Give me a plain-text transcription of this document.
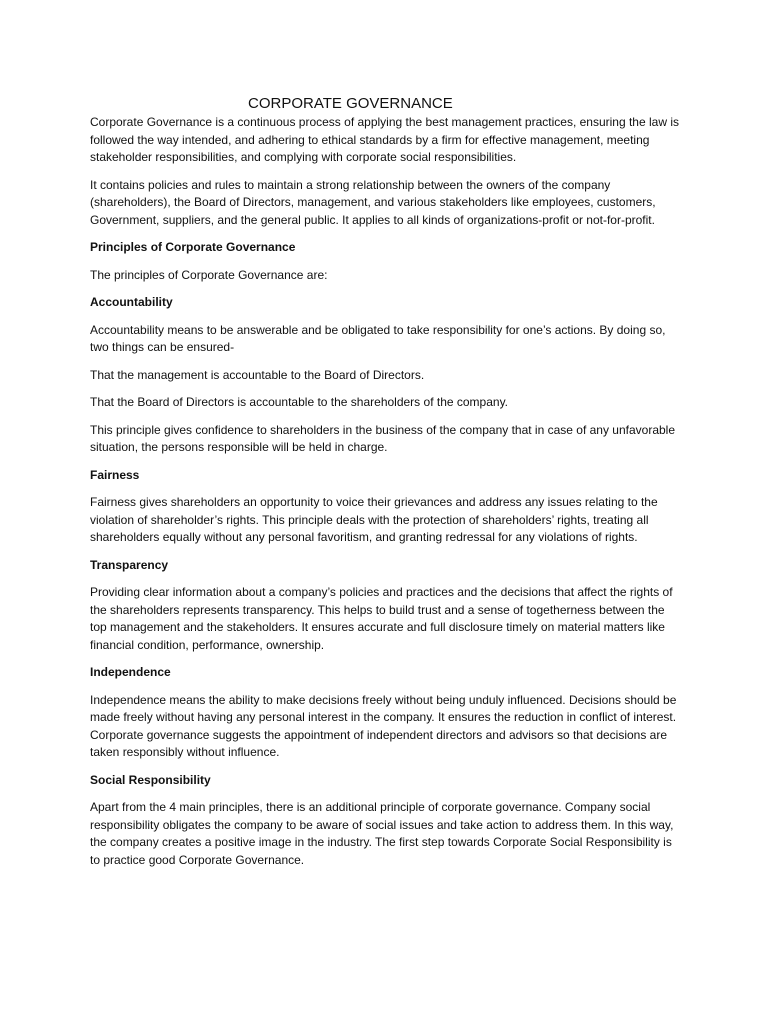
CORPORATE GOVERNANCE

Corporate Governance is a continuous process of applying the best management practices, ensuring the law is followed the way intended, and adhering to ethical standards by a firm for effective management, meeting stakeholder responsibilities, and complying with corporate social responsibilities.

It contains policies and rules to maintain a strong relationship between the owners of the company (shareholders), the Board of Directors, management, and various stakeholders like employees, customers, Government, suppliers, and the general public. It applies to all kinds of organizations-profit or not-for-profit.

Principles of Corporate Governance

The principles of Corporate Governance are:

Accountability

Accountability means to be answerable and be obligated to take responsibility for one’s actions. By doing so, two things can be ensured-

That the management is accountable to the Board of Directors.

That the Board of Directors is accountable to the shareholders of the company.

This principle gives confidence to shareholders in the business of the company that in case of any unfavorable situation, the persons responsible will be held in charge.

Fairness

Fairness gives shareholders an opportunity to voice their grievances and address any issues relating to the violation of shareholder’s rights. This principle deals with the protection of shareholders’ rights, treating all shareholders equally without any personal favoritism, and granting redressal for any violations of rights.

Transparency

Providing clear information about a company’s policies and practices and the decisions that affect the rights of the shareholders represents transparency. This helps to build trust and a sense of togetherness between the top management and the stakeholders. It ensures accurate and full disclosure timely on material matters like financial condition, performance, ownership.

Independence

Independence means the ability to make decisions freely without being unduly influenced. Decisions should be made freely without having any personal interest in the company. It ensures the reduction in conflict of interest. Corporate governance suggests the appointment of independent directors and advisors so that decisions are taken responsibly without influence.

Social Responsibility

Apart from the 4 main principles, there is an additional principle of corporate governance. Company social responsibility obligates the company to be aware of social issues and take action to address them. In this way, the company creates a positive image in the industry. The first step towards Corporate Social Responsibility is to practice good Corporate Governance.
